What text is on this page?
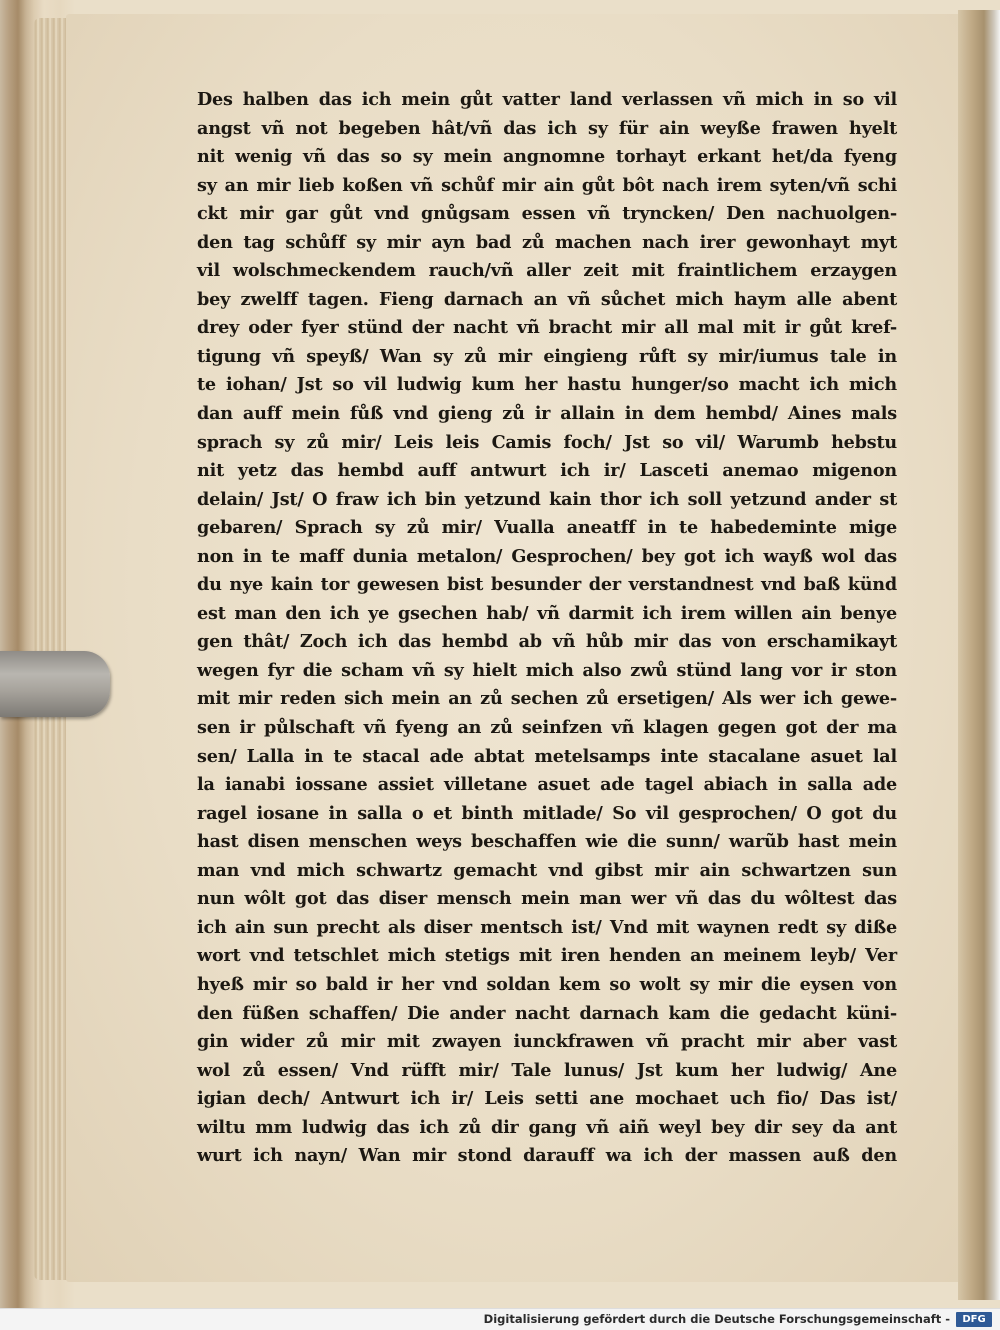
Des halben das ich mein gůt vatter land verlassen vñ mich in so vil
angst vñ not begeben hât/vñ das ich sy für ain weyße frawen hyelt
nit wenig vñ das so sy mein angnomne torhayt erkant het/da fyeng
sy an mir lieb koßen vñ schůf mir ain gůt bôt nach irem syten/vñ schi
ckt mir gar gůt vnd gnůgsam essen vñ tryncken/ Den nachuolgen-
den tag schůff sy mir ayn bad zů machen nach irer gewonhayt myt
vil wolschmeckendem rauch/vñ aller zeit mit fraintlichem erzaygen
bey zwelff tagen. Fieng darnach an vñ sůchet mich haym alle abent
drey oder fyer stünd der nacht vñ bracht mir all mal mit ir gůt kref-
tigung vñ speyß/ Wan sy zů mir eingieng růft sy mir/iumus tale in
te iohan/ Jst so vil ludwig kum her hastu hunger/so macht ich mich
dan auff mein fůß vnd gieng zů ir allain in dem hembd/ Aines mals
sprach sy zů mir/ Leis leis Camis foch/ Jst so vil/ Warumb hebstu
nit yetz das hembd auff antwurt ich ir/ Lasceti anemao migenon
delain/ Jst/ O fraw ich bin yetzund kain thor ich soll yetzund ander st
gebaren/ Sprach sy zů mir/ Vualla aneatff in te habedeminte mige
non in te maff dunia metalon/ Gesprochen/ bey got ich wayß wol das
du nye kain tor gewesen bist besunder der verstandnest vnd baß künd
est man den ich ye gsechen hab/ vñ darmit ich irem willen ain benye
gen thât/ Zoch ich das hembd ab vñ hůb mir das von erschamikayt
wegen fyr die scham vñ sy hielt mich also zwů stünd lang vor ir ston
mit mir reden sich mein an zů sechen zů ersetigen/ Als wer ich gewe-
sen ir půlschaft vñ fyeng an zů seinfzen vñ klagen gegen got der ma
sen/ Lalla in te stacal ade abtat metelsamps inte stacalane asuet lal
la ianabi iossane assiet villetane asuet ade tagel abiach in salla ade
ragel iosane in salla o et binth mitlade/ So vil gesprochen/ O got du
hast disen menschen weys beschaffen wie die sunn/ warũb hast mein
man vnd mich schwartz gemacht vnd gibst mir ain schwartzen sun
nun wôlt got das diser mensch mein man wer vñ das du wôltest das
ich ain sun precht als diser mentsch ist/ Vnd mit waynen redt sy diße
wort vnd tetschlet mich stetigs mit iren henden an meinem leyb/ Ver
hyeß mir so bald ir her vnd soldan kem so wolt sy mir die eysen von
den füßen schaffen/ Die ander nacht darnach kam die gedacht küni-
gin wider zů mir mit zwayen iunckfrawen vñ pracht mir aber vast
wol zů essen/ Vnd rüfft mir/ Tale lunus/ Jst kum her ludwig/ Ane
igian dech/ Antwurt ich ir/ Leis setti ane mochaet uch fio/ Das ist/
wiltu mm ludwig das ich zů dir gang vñ aiñ weyl bey dir sey da ant
wurt ich nayn/ Wan mir stond darauff wa ich der massen auß den
Digitalisierung gefördert durch die Deutsche Forschungsgemeinschaft -	DFG
